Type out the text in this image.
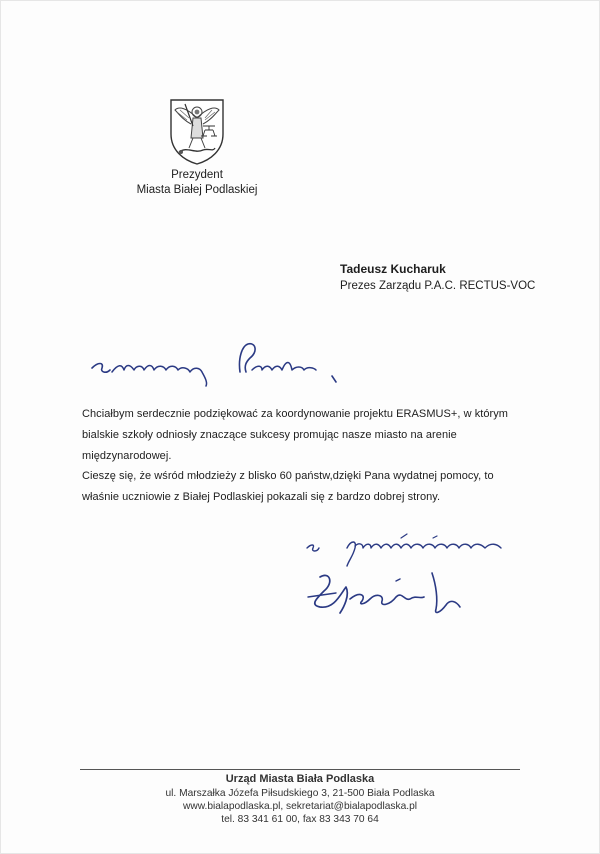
Prezydent
Miasta Białej Podlaskiej
Tadeusz Kucharuk
Prezes Zarządu P.A.C. RECTUS-VOC

Chciałbym serdecznie podziękować za koordynowanie projektu ERASMUS+, w którym bialskie szkoły odniosły znaczące sukcesy promując nasze miasto na arenie międzynarodowej.

Cieszę się, że wśród młodzieży z blisko 60 państw,dzięki Pana wydatnej pomocy, to właśnie uczniowie z Białej Podlaskiej pokazali się z bardzo dobrej strony.

Urząd Miasta Biała Podlaska
ul. Marszałka Józefa Piłsudskiego 3, 21-500 Biała Podlaska
www.bialapodlaska.pl, sekretariat@bialapodlaska.pl
tel. 83 341 61 00, fax 83 343 70 64
